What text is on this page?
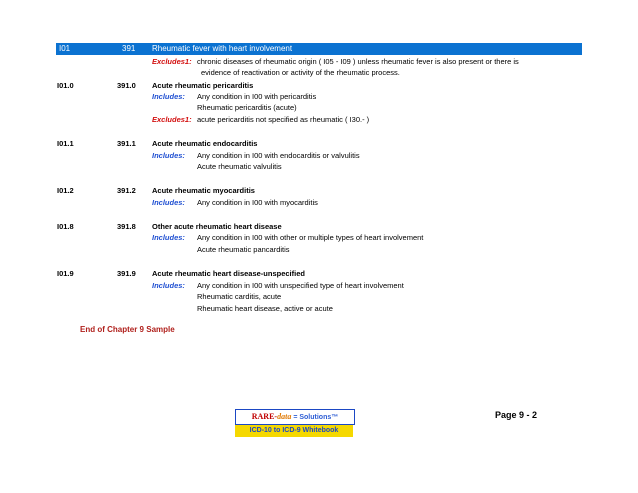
I01	391 Rheumatic fever with heart involvement
Excludes1: chronic diseases of rheumatic origin ( I05 - I09 ) unless rheumatic fever is also present or there is
evidence of reactivation or activity of the rheumatic process.
I01.0	391.0 Acute rheumatic pericarditis
Includes: Any condition in I00 with pericarditis
Rheumatic pericarditis (acute)
Excludes1: acute pericarditis not specified as rheumatic ( I30.- )
I01.1	391.1 Acute rheumatic endocarditis
Includes: Any condition in I00 with endocarditis or valvulitis
Acute rheumatic valvulitis
I01.2	391.2 Acute rheumatic myocarditis
Includes: Any condition in I00 with myocarditis
I01.8	391.8 Other acute rheumatic heart disease
Includes: Any condition in I00 with other or multiple types of heart involvement
Acute rheumatic pancarditis
I01.9	391.9 Acute rheumatic heart disease-unspecified
Includes: Any condition in I00 with unspecified type of heart involvement
Rheumatic carditis, acute
Rheumatic heart disease, active or acute
End of Chapter 9 Sample
RARE-data = Solutions™
ICD-10 to ICD-9 Whitebook
Page 9 - 2
